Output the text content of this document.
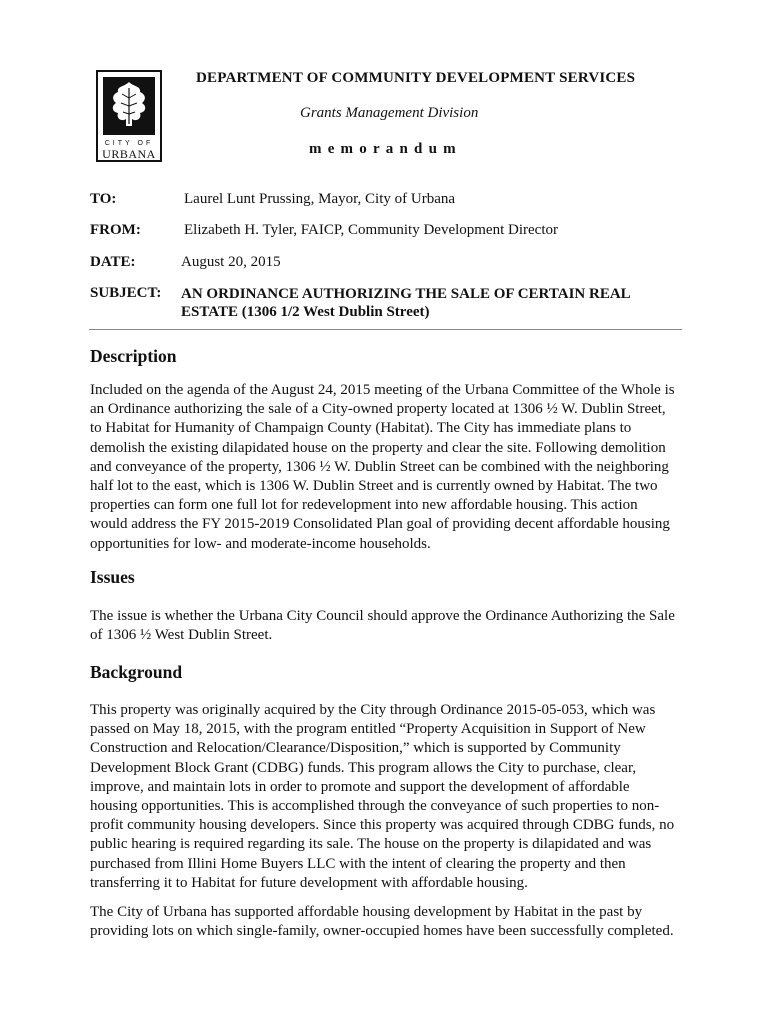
CITY OF
URBANA
DEPARTMENT OF COMMUNITY DEVELOPMENT SERVICES
Grants Management Division
memorandum
TO:	Laurel Lunt Prussing, Mayor, City of Urbana
FROM:	Elizabeth H. Tyler, FAICP, Community Development Director
DATE:	August 20, 2015
SUBJECT: AN ORDINANCE AUTHORIZING THE SALE OF CERTAIN REAL
ESTATE (1306 1/2 West Dublin Street)
Description
Included on the agenda of the August 24, 2015 meeting of the Urbana Committee of the Whole is
an Ordinance authorizing the sale of a City-owned property located at 1306 ½ W. Dublin Street,
to Habitat for Humanity of Champaign County (Habitat). The City has immediate plans to
demolish the existing dilapidated house on the property and clear the site. Following demolition
and conveyance of the property, 1306 ½ W. Dublin Street can be combined with the neighboring
half lot to the east, which is 1306 W. Dublin Street and is currently owned by Habitat. The two
properties can form one full lot for redevelopment into new affordable housing. This action
would address the FY 2015-2019 Consolidated Plan goal of providing decent affordable housing
opportunities for low- and moderate-income households.
Issues
The issue is whether the Urbana City Council should approve the Ordinance Authorizing the Sale
of 1306 ½ West Dublin Street.
Background
This property was originally acquired by the City through Ordinance 2015-05-053, which was
passed on May 18, 2015, with the program entitled “Property Acquisition in Support of New
Construction and Relocation/Clearance/Disposition,” which is supported by Community
Development Block Grant (CDBG) funds. This program allows the City to purchase, clear,
improve, and maintain lots in order to promote and support the development of affordable
housing opportunities. This is accomplished through the conveyance of such properties to non-
profit community housing developers. Since this property was acquired through CDBG funds, no
public hearing is required regarding its sale. The house on the property is dilapidated and was
purchased from Illini Home Buyers LLC with the intent of clearing the property and then
transferring it to Habitat for future development with affordable housing.
The City of Urbana has supported affordable housing development by Habitat in the past by
providing lots on which single-family, owner-occupied homes have been successfully completed.
